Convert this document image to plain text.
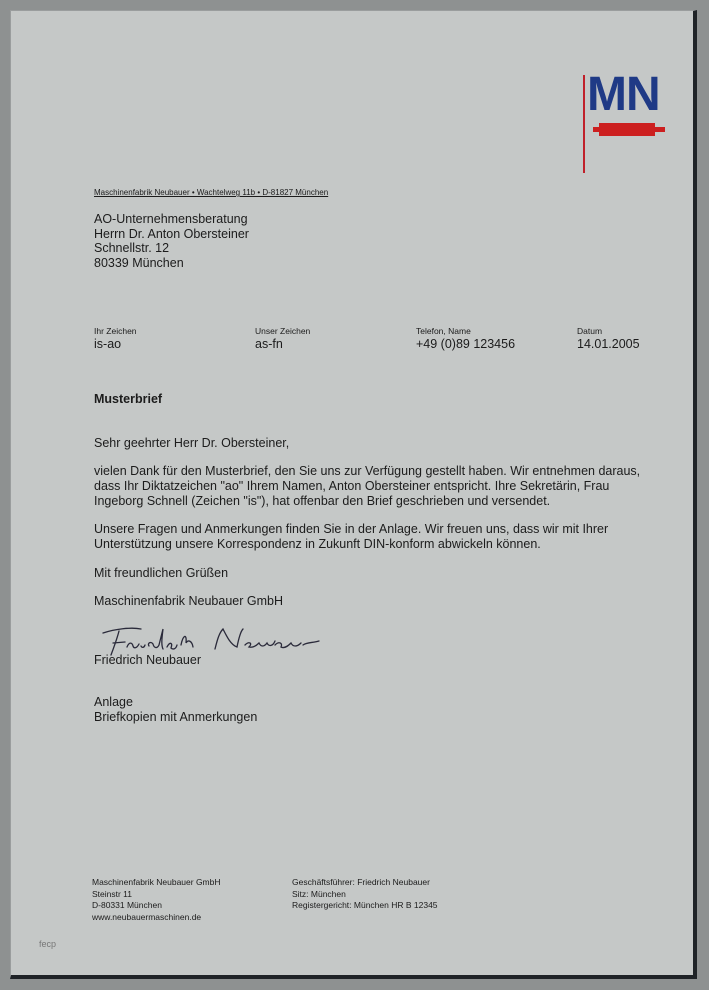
MN
Maschinenfabrik Neubauer • Wachtelweg 11b • D-81827 München
AO-Unternehmensberatung
Herrn Dr. Anton Obersteiner
Schnellstr. 12
80339 München
Ihr Zeichen
is-ao
Unser Zeichen
as-fn
Telefon, Name
+49 (0)89 123456
Datum
14.01.2005
Musterbrief
Sehr geehrter Herr Dr. Obersteiner,
vielen Dank für den Musterbrief, den Sie uns zur Verfügung gestellt haben. Wir entnehmen daraus,
dass Ihr Diktatzeichen "ao" Ihrem Namen, Anton Obersteiner entspricht. Ihre Sekretärin, Frau
Ingeborg Schnell (Zeichen "is"), hat offenbar den Brief geschrieben und versendet.
Unsere Fragen und Anmerkungen finden Sie in der Anlage. Wir freuen uns, dass wir mit Ihrer
Unterstützung unsere Korrespondenz in Zukunft DIN-konform abwickeln können.
Mit freundlichen Grüßen
Maschinenfabrik Neubauer GmbH
Friedrich Neubauer
Anlage
Briefkopien mit Anmerkungen
Maschinenfabrik Neubauer GmbH
Steinstr 11
D-80331 München
www.neubauermaschinen.de
Geschäftsführer: Friedrich Neubauer
Sitz: München
Registergericht: München HR B 12345
fecp
